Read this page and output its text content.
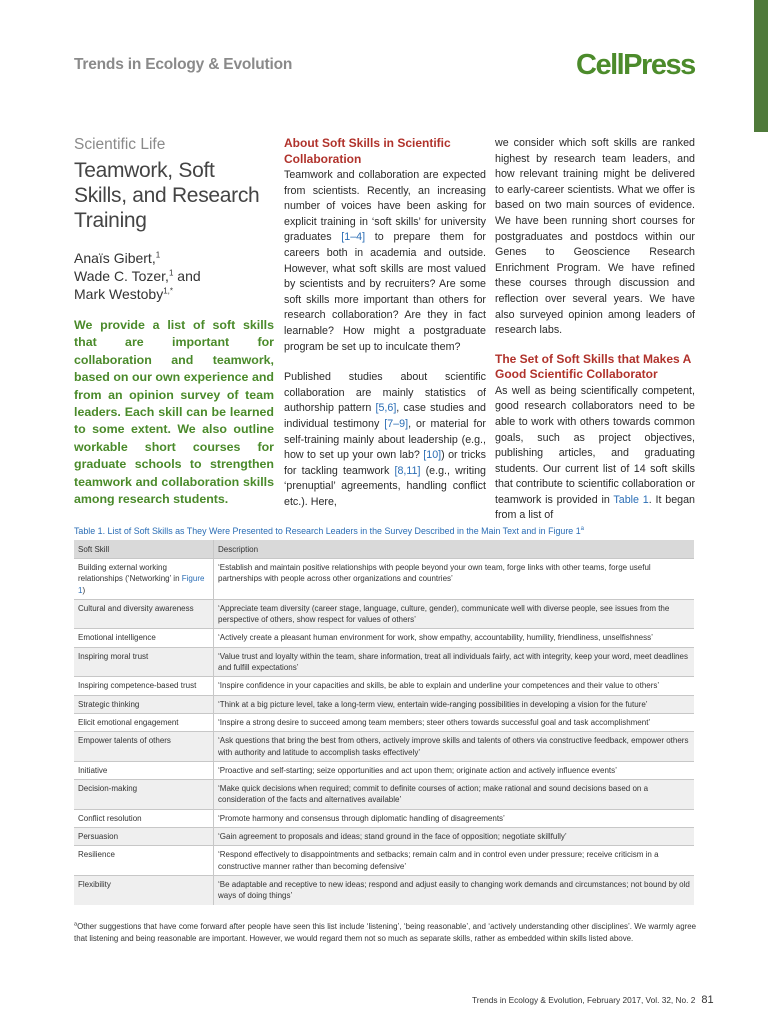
Trends in Ecology & Evolution	CellPress
Scientific Life
Teamwork, Soft
Skills, and Research
Training
Anaïs Gibert,$^1$
Wade C. Tozer,$^1$ and
Mark Westoby$^{1,*}$
We provide a list of soft skills that are important for collaboration and teamwork, based on our own experience and from an opinion survey of team leaders. Each skill can be learned to some extent. We also outline workable short courses for graduate schools to strengthen teamwork and collaboration skills among research students.
About Soft Skills in Scientific Collaboration

Teamwork and collaboration are expected from scientists. Recently, an increasing number of voices have been asking for explicit training in ‘soft skills’ for university graduates [1–4] to prepare them for careers both in academia and outside. However, what soft skills are most valued by scientists and by recruiters? Are some soft skills more important than others for research collaboration? Are they in fact learnable? How might a postgraduate program be set up to inculcate them?

Published studies about scientific collaboration are mainly statistics of authorship pattern [5,6], case studies and individual testimony [7–9], or material for self-training mainly about leadership (e.g., how to set up your own lab? [10]) or tricks for tackling teamwork [8,11] (e.g., writing ‘prenuptial’ agreements, handling conflict etc.). Here,

we consider which soft skills are ranked highest by research team leaders, and how relevant training might be delivered to early-career scientists. What we offer is based on two main sources of evidence. We have been running short courses for postgraduates and postdocs within our Genes to Geoscience Research Enrichment Program. We have refined these courses through discussion and reflection over several years. We have also surveyed opinion among leaders of research labs.

The Set of Soft Skills that Makes A Good Scientific Collaborator

As well as being scientifically competent, good research collaborators need to be able to work with others towards common goals, such as project objectives, publishing articles, and graduating students. Our current list of 14 soft skills that contribute to scientific collaboration or teamwork is provided in Table 1. It began from a list of

Table 1. List of Soft Skills as They Were Presented to Research Leaders in the Survey Described in the Main Text and in Figure 1$^a$
Soft Skill	Description
Building external working relationships (‘Networking’ in Figure 1)	‘Establish and maintain positive relationships with people beyond your own team, forge links with other teams, forge useful partnerships with people across other organizations and countries’
Cultural and diversity awareness	‘Appreciate team diversity (career stage, language, culture, gender), communicate well with diverse people, see issues from the perspective of others, show respect for values of others’
Emotional intelligence	‘Actively create a pleasant human environment for work, show empathy, accountability, humility, friendliness, unselfishness’
Inspiring moral trust	‘Value trust and loyalty within the team, share information, treat all individuals fairly, act with integrity, keep your word, meet deadlines and fulfill expectations’
Inspiring competence-based trust	‘Inspire confidence in your capacities and skills, be able to explain and underline your competences and their value to others’
Strategic thinking	‘Think at a big picture level, take a long-term view, entertain wide-ranging possibilities in developing a vision for the future’
Elicit emotional engagement	‘Inspire a strong desire to succeed among team members; steer others towards successful goal and task accomplishment’
Empower talents of others	‘Ask questions that bring the best from others, actively improve skills and talents of others via constructive feedback, empower others with authority and latitude to accomplish tasks effectively’
Initiative	‘Proactive and self-starting; seize opportunities and act upon them; originate action and actively influence events’
Decision-making	‘Make quick decisions when required; commit to definite courses of action; make rational and sound decisions based on a consideration of the facts and alternatives available’
Conflict resolution	‘Promote harmony and consensus through diplomatic handling of disagreements’
Persuasion	‘Gain agreement to proposals and ideas; stand ground in the face of opposition; negotiate skillfully’
Resilience	‘Respond effectively to disappointments and setbacks; remain calm and in control even under pressure; receive criticism in a constructive manner rather than becoming defensive’
Flexibility	‘Be adaptable and receptive to new ideas; respond and adjust easily to changing work demands and circumstances; not bound by old ways of doing things’
$^a$Other suggestions that have come forward after people have seen this list include ‘listening’, ‘being reasonable’, and ‘actively understanding other disciplines’. We warmly agree that listening and being reasonable are important. However, we would regard them not so much as separate skills, rather as embedded within skills listed above.
Trends in Ecology & Evolution, February 2017, Vol. 32, No. 2 81
